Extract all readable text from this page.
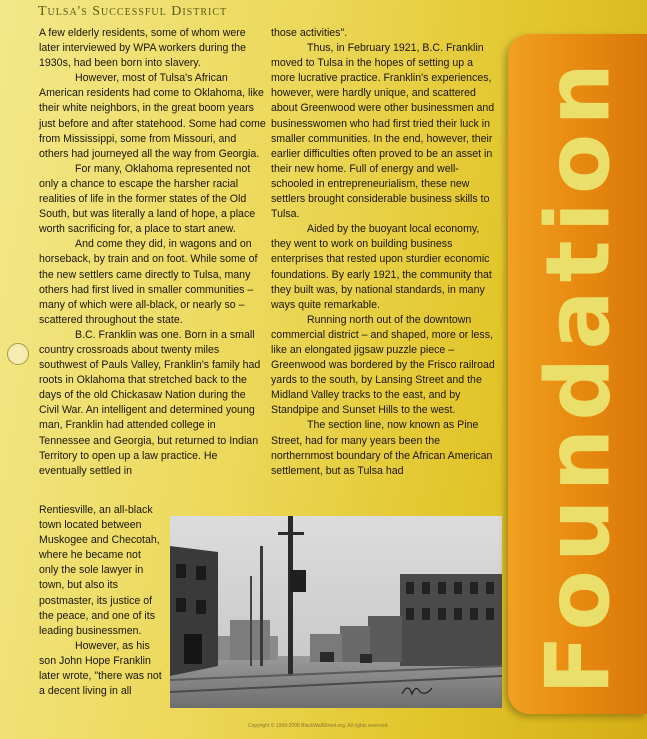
Tulsa's Successful District

A few elderly residents, some of whom were later interviewed by WPA workers during the 1930s, had been born into slavery.

However, most of Tulsa's African American residents had come to Oklahoma, like their white neighbors, in the great boom years just before and after statehood. Some had come from Mississippi, some from Missouri, and others had journeyed all the way from Georgia.

For many, Oklahoma represented not only a chance to escape the harsher racial realities of life in the former states of the Old South, but was literally a land of hope, a place worth sacrificing for, a place to start anew.

And come they did, in wagons and on horseback, by train and on foot. While some of the new settlers came directly to Tulsa, many others had first lived in smaller communities – many of which were all-black, or nearly so – scattered throughout the state.

B.C. Franklin was one. Born in a small country crossroads about twenty miles southwest of Pauls Valley, Franklin's family had roots in Oklahoma that stretched back to the days of the old Chickasaw Nation during the Civil War. An intelligent and determined young man, Franklin had attended college in Tennessee and Georgia, but returned to Indian Territory to open up a law practice. He eventually settled in

Rentiesville, an all-black town located between Muskogee and Checotah, where he became not only the sole lawyer in town, but also its postmaster, its justice of the peace, and one of its leading businessmen.

However, as his son John Hope Franklin later wrote, "there was not a decent living in all

those activities".

Thus, in February 1921, B.C. Franklin moved to Tulsa in the hopes of setting up a more lucrative practice. Franklin's experiences, however, were hardly unique, and scattered about Greenwood were other businessmen and businesswomen who had first tried their luck in smaller communities. In the end, however, their earlier difficulties often proved to be an asset in their new home. Full of energy and well-schooled in entrepreneurialism, these new settlers brought considerable business skills to Tulsa.

Aided by the buoyant local economy, they went to work on building business enterprises that rested upon sturdier economic foundations. By early 1921, the community that they built was, by national standards, in many ways quite remarkable.

Running north out of the downtown commercial district – and shaped, more or less, like an elongated jigsaw puzzle piece – Greenwood was bordered by the Frisco railroad yards to the south, by Lansing Street and the Midland Valley tracks to the east, and by Standpipe and Sunset Hills to the west.

The section line, now known as Pine Street, had for many years been the northernmost boundary of the African American settlement, but as Tulsa had	Foundation
Copyright © 1999-2008 BlackWallStreet.org. All rights reserved.
